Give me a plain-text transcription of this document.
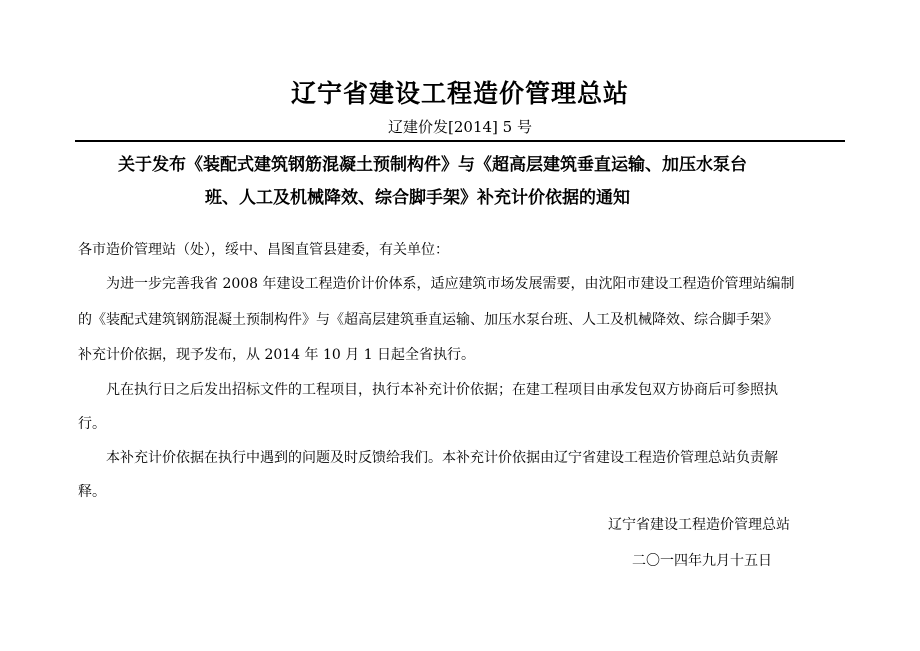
辽宁省建设工程造价管理总站
辽建价发[2014] 5 号
关于发布《装配式建筑钢筋混凝土预制构件》与《超高层建筑垂直运输、加压水泵台
班、人工及机械降效、综合脚手架》补充计价依据的通知
各市造价管理站（处），绥中、昌图直管县建委，有关单位：
为进一步完善我省 2008 年建设工程造价计价体系，适应建筑市场发展需要，由沈阳市建设工程造价管理站编制
的《装配式建筑钢筋混凝土预制构件》与《超高层建筑垂直运输、加压水泵台班、人工及机械降效、综合脚手架》
补充计价依据，现予发布，从 2014 年 10 月 1 日起全省执行。
凡在执行日之后发出招标文件的工程项目，执行本补充计价依据；在建工程项目由承发包双方协商后可参照执
行。
本补充计价依据在执行中遇到的问题及时反馈给我们。本补充计价依据由辽宁省建设工程造价管理总站负责解
释。
辽宁省建设工程造价管理总站
二〇一四年九月十五日
